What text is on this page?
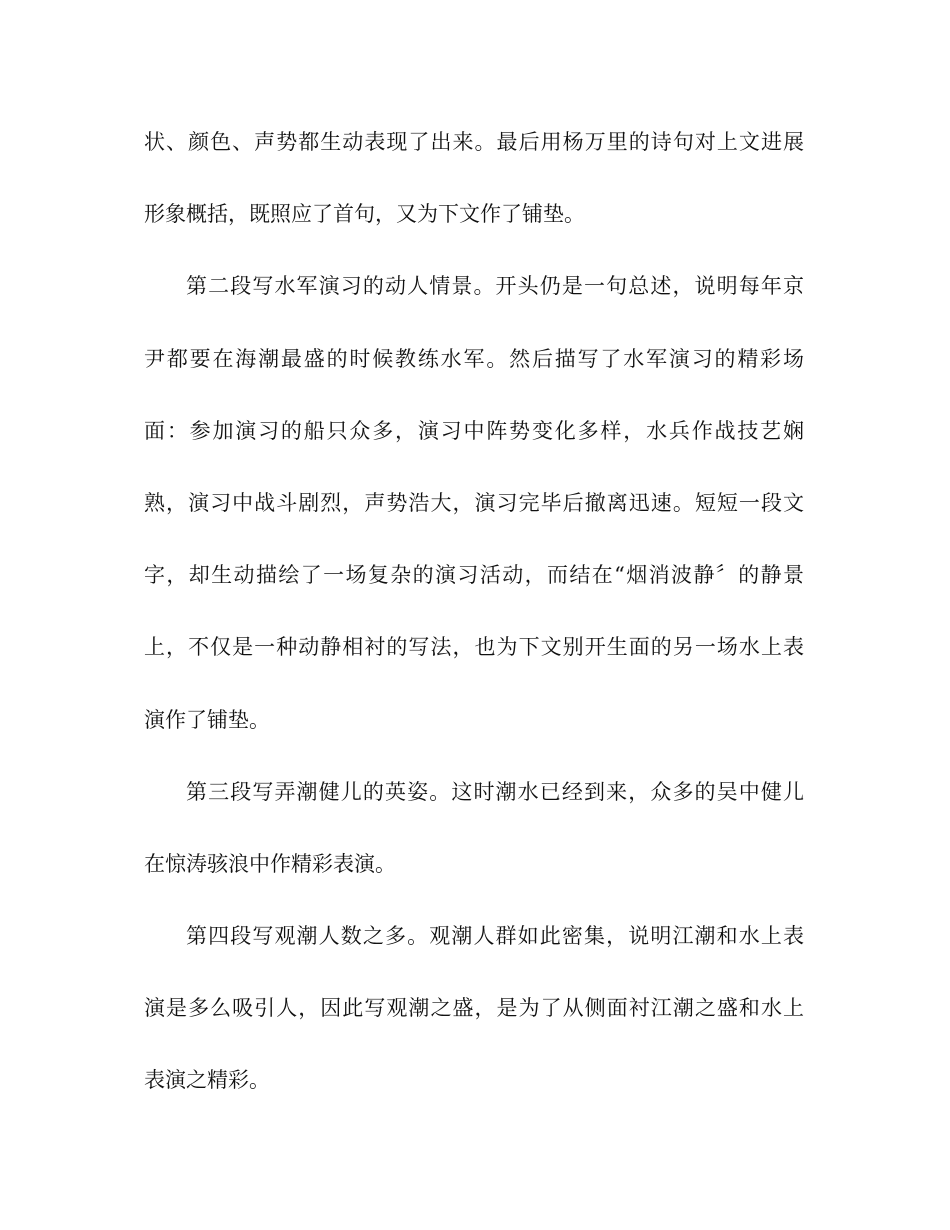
状、颜色、声势都生动表现了出来。最后用杨万里的诗句对上文进展
形象概括，既照应了首句，又为下文作了铺垫。
第二段写水军演习的动人情景。开头仍是一句总述，说明每年京
尹都要在海潮最盛的时候教练水军。然后描写了水军演习的精彩场
面：参加演习的船只众多，演习中阵势变化多样，水兵作战技艺娴
熟，演习中战斗剧烈，声势浩大，演习完毕后撤离迅速。短短一段文
字，却生动描绘了一场复杂的演习活动，而结在“烟消波静〞的静景
上，不仅是一种动静相衬的写法，也为下文别开生面的另一场水上表
演作了铺垫。
第三段写弄潮健儿的英姿。这时潮水已经到来，众多的吴中健儿
在惊涛骇浪中作精彩表演。
第四段写观潮人数之多。观潮人群如此密集，说明江潮和水上表
演是多么吸引人，因此写观潮之盛，是为了从侧面衬江潮之盛和水上
表演之精彩。
